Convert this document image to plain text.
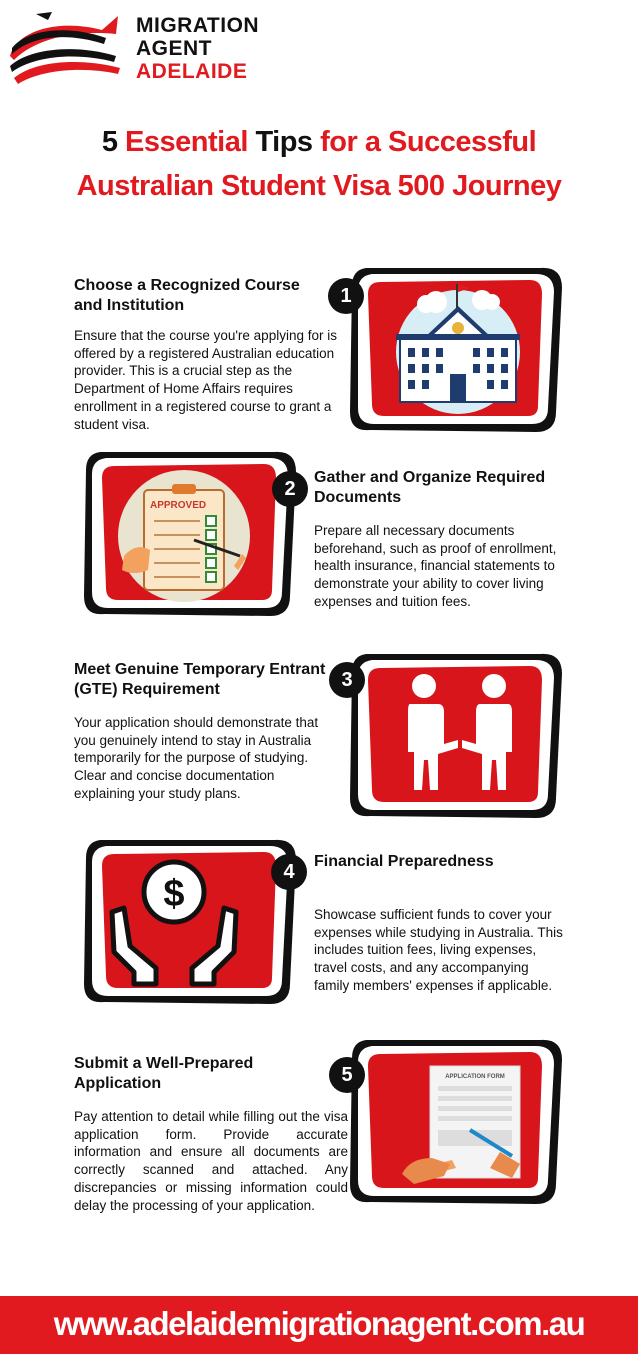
MIGRATION
AGENT
ADELAIDE
5 Essential Tips for a Successful
Australian Student Visa 500 Journey
Choose a Recognized Course and Institution
Ensure that the course you're applying for is offered by a registered Australian education provider. This is a crucial step as the Department of Home Affairs requires enrollment in a registered course to grant a student visa.
1
APPROVED
2
Gather and Organize Required Documents
Prepare all necessary documents beforehand, such as proof of enrollment, health insurance, financial statements to demonstrate your ability to cover living expenses and tuition fees.
Meet Genuine Temporary Entrant (GTE) Requirement
Your application should demonstrate that you genuinely intend to stay in Australia temporarily for the purpose of studying. Clear and concise documentation explaining your study plans.
3
$
4	Financial Preparedness
Showcase sufficient funds to cover your expenses while studying in Australia. This includes tuition fees, living expenses, travel costs, and any accompanying family members' expenses if applicable.
Submit a Well-Prepared Application
Pay attention to detail while filling out the visa application form. Provide accurate information and ensure all documents are correctly scanned and attached. Any discrepancies or missing information could delay the processing of your application.
APPLICATION FORM
5
www.adelaidemigrationagent.com.au
